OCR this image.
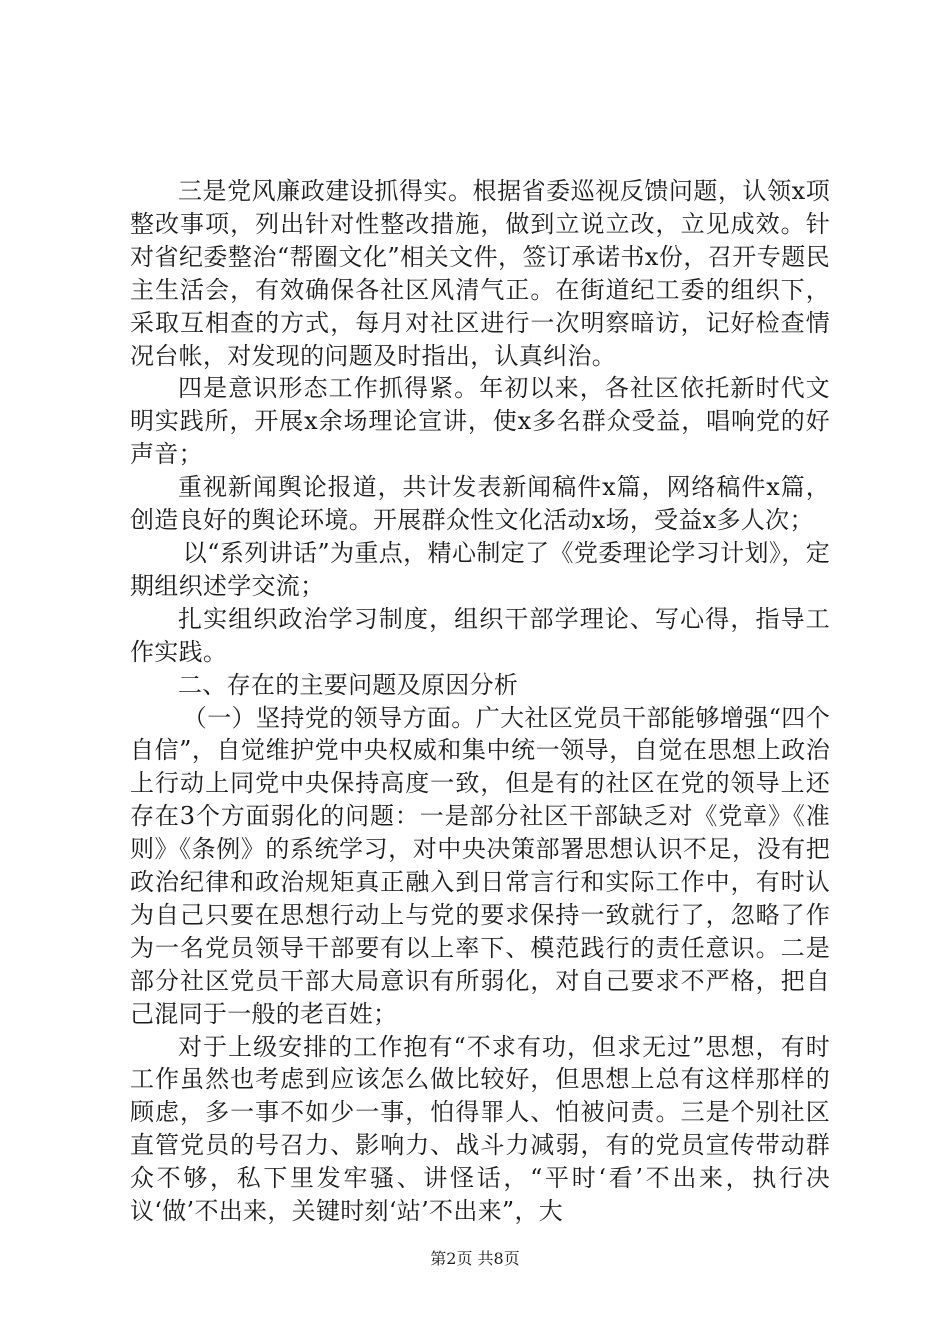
三是党风廉政建设抓得实。根据省委巡视反馈问题，认领x项整改事项，列出针对性整改措施，做到立说立改，立见成效。针对省纪委整治“帮圈文化”相关文件，签订承诺书x份，召开专题民主生活会，有效确保各社区风清气正。在街道纪工委的组织下，采取互相查的方式，每月对社区进行一次明察暗访，记好检查情况台帐，对发现的问题及时指出，认真纠治。

四是意识形态工作抓得紧。年初以来，各社区依托新时代文明实践所，开展x余场理论宣讲，使x多名群众受益，唱响党的好声音；

重视新闻舆论报道，共计发表新闻稿件x篇，网络稿件x篇，创造良好的舆论环境。开展群众性文化活动x场，受益x多人次；

以“系列讲话”为重点，精心制定了《党委理论学习计划》，定期组织述学交流；

扎实组织政治学习制度，组织干部学理论、写心得，指导工作实践。

二、存在的主要问题及原因分析

（一）坚持党的领导方面。广大社区党员干部能够增强“四个自信”，自觉维护党中央权威和集中统一领导，自觉在思想上政治上行动上同党中央保持高度一致，但是有的社区在党的领导上还存在3个方面弱化的问题：一是部分社区干部缺乏对《党章》《准则》《条例》的系统学习，对中央决策部署思想认识不足，没有把政治纪律和政治规矩真正融入到日常言行和实际工作中，有时认为自己只要在思想行动上与党的要求保持一致就行了，忽略了作为一名党员领导干部要有以上率下、模范践行的责任意识。二是部分社区党员干部大局意识有所弱化，对自己要求不严格，把自己混同于一般的老百姓；

对于上级安排的工作抱有“不求有功，但求无过”思想，有时工作虽然也考虑到应该怎么做比较好，但思想上总有这样那样的顾虑，多一事不如少一事，怕得罪人、怕被问责。三是个别社区直管党员的号召力、影响力、战斗力减弱，有的党员宣传带动群众不够，私下里发牢骚、讲怪话，“平时‘看’不出来，执行决议‘做’不出来，关键时刻‘站’不出来”，大

第2页 共8页
